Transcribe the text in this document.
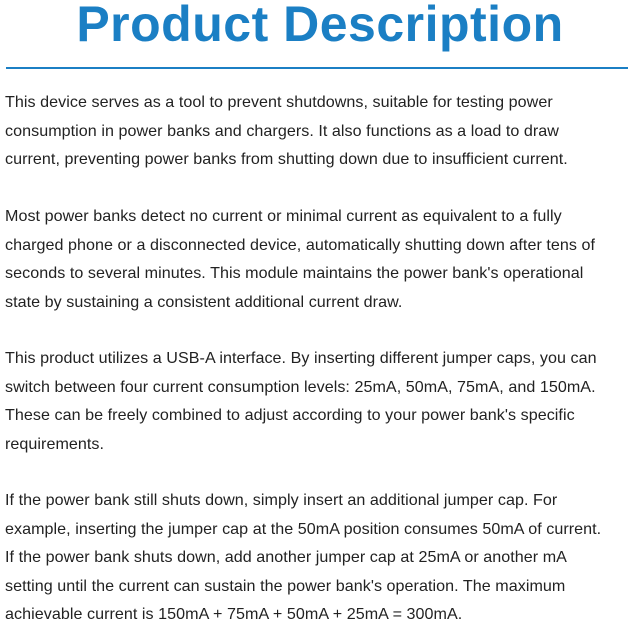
Product Description

This device serves as a tool to prevent shutdowns, suitable for testing power
consumption in power banks and chargers. It also functions as a load to draw
current, preventing power banks from shutting down due to insufficient current.

Most power banks detect no current or minimal current as equivalent to a fully
charged phone or a disconnected device, automatically shutting down after tens of
seconds to several minutes. This module maintains the power bank's operational
state by sustaining a consistent additional current draw.

This product utilizes a USB-A interface. By inserting different jumper caps, you can
switch between four current consumption levels: 25mA, 50mA, 75mA, and 150mA.
These can be freely combined to adjust according to your power bank's specific
requirements.

If the power bank still shuts down, simply insert an additional jumper cap. For
example, inserting the jumper cap at the 50mA position consumes 50mA of current.
If the power bank shuts down, add another jumper cap at 25mA or another mA
setting until the current can sustain the power bank's operation. The maximum
achievable current is 150mA + 75mA + 50mA + 25mA = 300mA.
